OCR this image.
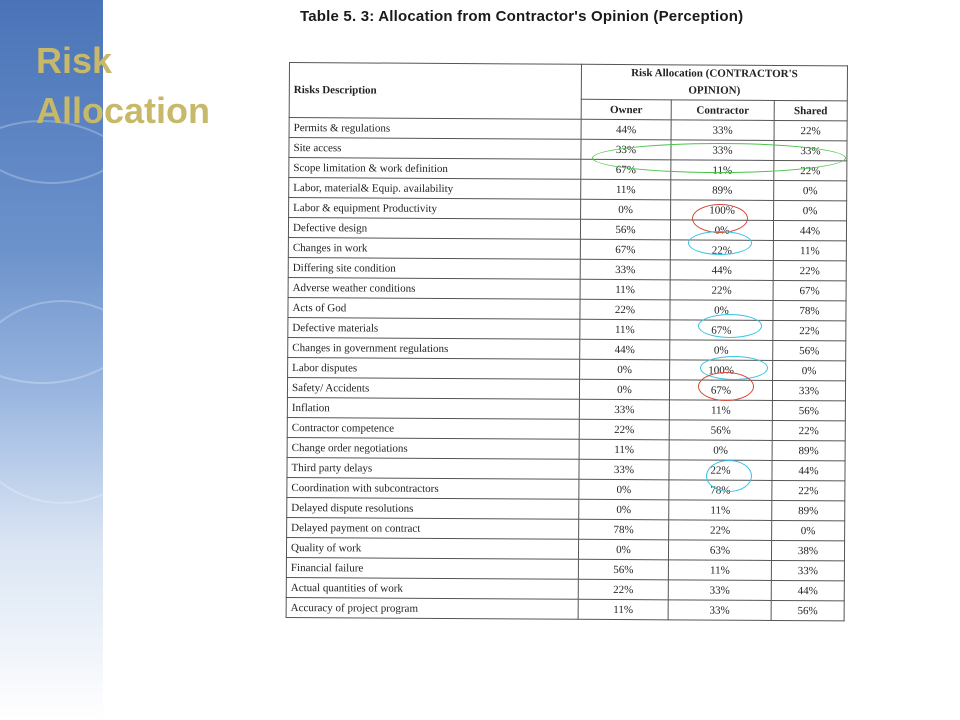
Risk
Allocation
Table 5. 3: Allocation from Contractor's Opinion (Perception)
Risks Description	Risk Allocation (CONTRACTOR'S
OPINION)		
	Owner	Contractor	Shared
Permits & regulations	44%	33%	22%
Site access	33%	33%	33%
Scope limitation & work definition	67%	11%	22%
Labor, material& Equip. availability	11%	89%	0%
Labor & equipment Productivity	0%	100%	0%
Defective design	56%	0%	44%
Changes in work	67%	22%	11%
Differing site condition	33%	44%	22%
Adverse weather conditions	11%	22%	67%
Acts of God	22%	0%	78%
Defective materials	11%	67%	22%
Changes in government regulations	44%	0%	56%
Labor disputes	0%	100%	0%
Safety/ Accidents	0%	67%	33%
Inflation	33%	11%	56%
Contractor competence	22%	56%	22%
Change order negotiations	11%	0%	89%
Third party delays	33%	22%	44%
Coordination with subcontractors	0%	78%	22%
Delayed dispute resolutions	0%	11%	89%
Delayed payment on contract	78%	22%	0%
Quality of work	0%	63%	38%
Financial failure	56%	11%	33%
Actual quantities of work	22%	33%	44%
Accuracy of project program	11%	33%	56%
